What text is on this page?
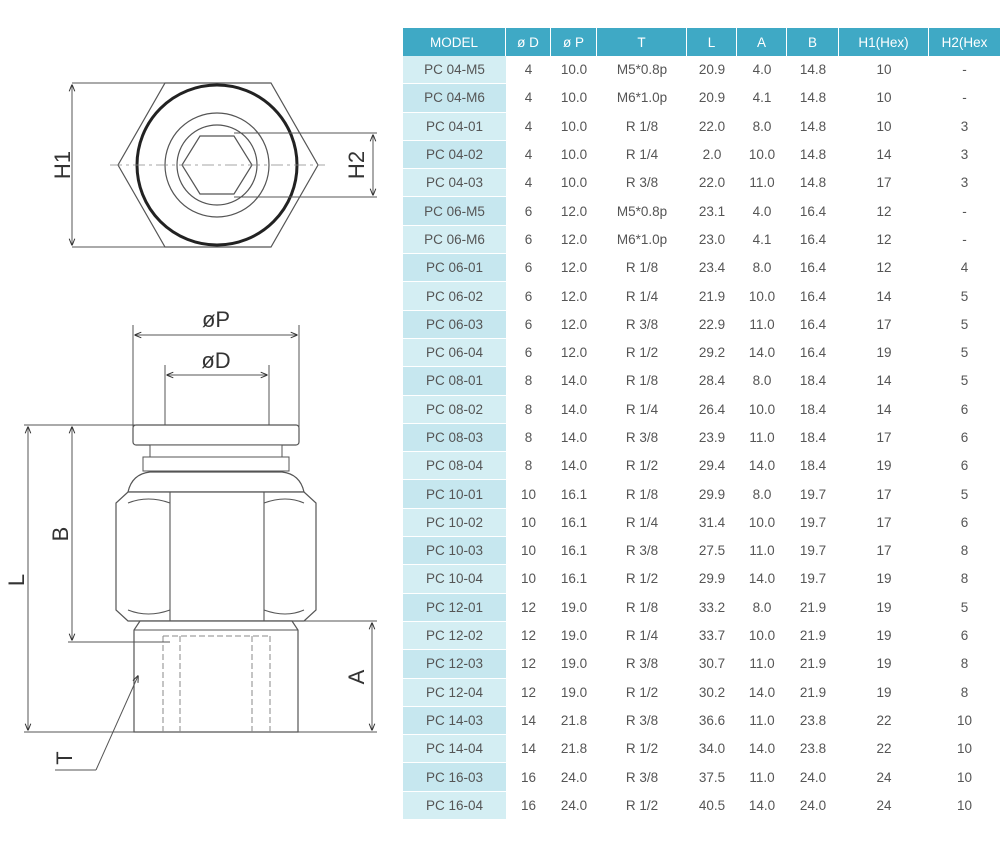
H1	H2
øP
øD
B
L
A
T
MODEL	ø D	ø P	T	L	A	B	H1(Hex)	H2(Hex
PC 04-M5	4	10.0	M5*0.8p	20.9	4.0	14.8	10	-
PC 04-M6	4	10.0	M6*1.0p	20.9	4.1	14.8	10	-
PC 04-01	4	10.0	R 1/8	22.0	8.0	14.8	10	3
PC 04-02	4	10.0	R 1/4	2.0	10.0	14.8	14	3
PC 04-03	4	10.0	R 3/8	22.0	11.0	14.8	17	3
PC 06-M5	6	12.0	M5*0.8p	23.1	4.0	16.4	12	-
PC 06-M6	6	12.0	M6*1.0p	23.0	4.1	16.4	12	-
PC 06-01	6	12.0	R 1/8	23.4	8.0	16.4	12	4
PC 06-02	6	12.0	R 1/4	21.9	10.0	16.4	14	5
PC 06-03	6	12.0	R 3/8	22.9	11.0	16.4	17	5
PC 06-04	6	12.0	R 1/2	29.2	14.0	16.4	19	5
PC 08-01	8	14.0	R 1/8	28.4	8.0	18.4	14	5
PC 08-02	8	14.0	R 1/4	26.4	10.0	18.4	14	6
PC 08-03	8	14.0	R 3/8	23.9	11.0	18.4	17	6
PC 08-04	8	14.0	R 1/2	29.4	14.0	18.4	19	6
PC 10-01	10	16.1	R 1/8	29.9	8.0	19.7	17	5
PC 10-02	10	16.1	R 1/4	31.4	10.0	19.7	17	6
PC 10-03	10	16.1	R 3/8	27.5	11.0	19.7	17	8
PC 10-04	10	16.1	R 1/2	29.9	14.0	19.7	19	8
PC 12-01	12	19.0	R 1/8	33.2	8.0	21.9	19	5
PC 12-02	12	19.0	R 1/4	33.7	10.0	21.9	19	6
PC 12-03	12	19.0	R 3/8	30.7	11.0	21.9	19	8
PC 12-04	12	19.0	R 1/2	30.2	14.0	21.9	19	8
PC 14-03	14	21.8	R 3/8	36.6	11.0	23.8	22	10
PC 14-04	14	21.8	R 1/2	34.0	14.0	23.8	22	10
PC 16-03	16	24.0	R 3/8	37.5	11.0	24.0	24	10
PC 16-04	16	24.0	R 1/2	40.5	14.0	24.0	24	10
